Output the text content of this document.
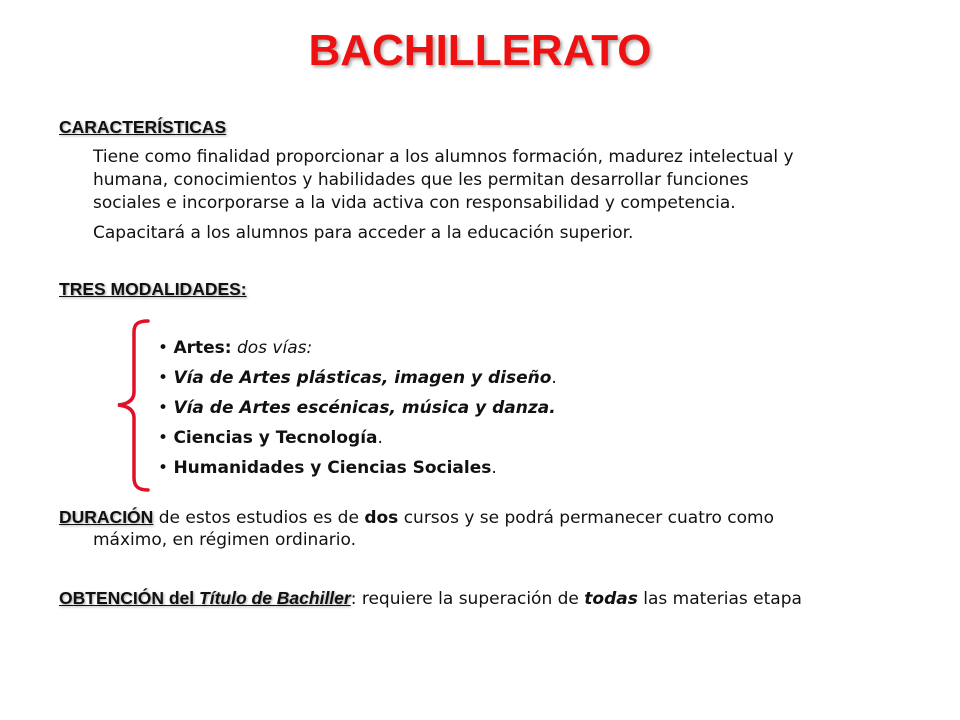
BACHILLERATO
CARACTERÍSTICAS
Tiene como finalidad proporcionar a los alumnos formación, madurez intelectual y
humana, conocimientos y habilidades que les permitan desarrollar funciones
sociales e incorporarse a la vida activa con responsabilidad y competencia.
Capacitará a los alumnos para acceder a la educación superior.
TRES MODALIDADES:
• Artes: dos vías:
• Vía de Artes plásticas, imagen y diseño.
• Vía de Artes escénicas, música y danza.
• Ciencias y Tecnología.
• Humanidades y Ciencias Sociales.
DURACIÓN de estos estudios es de dos cursos y se podrá permanecer cuatro como
máximo, en régimen ordinario.
OBTENCIÓN del Título de Bachiller: requiere la superación de todas las materias etapa
